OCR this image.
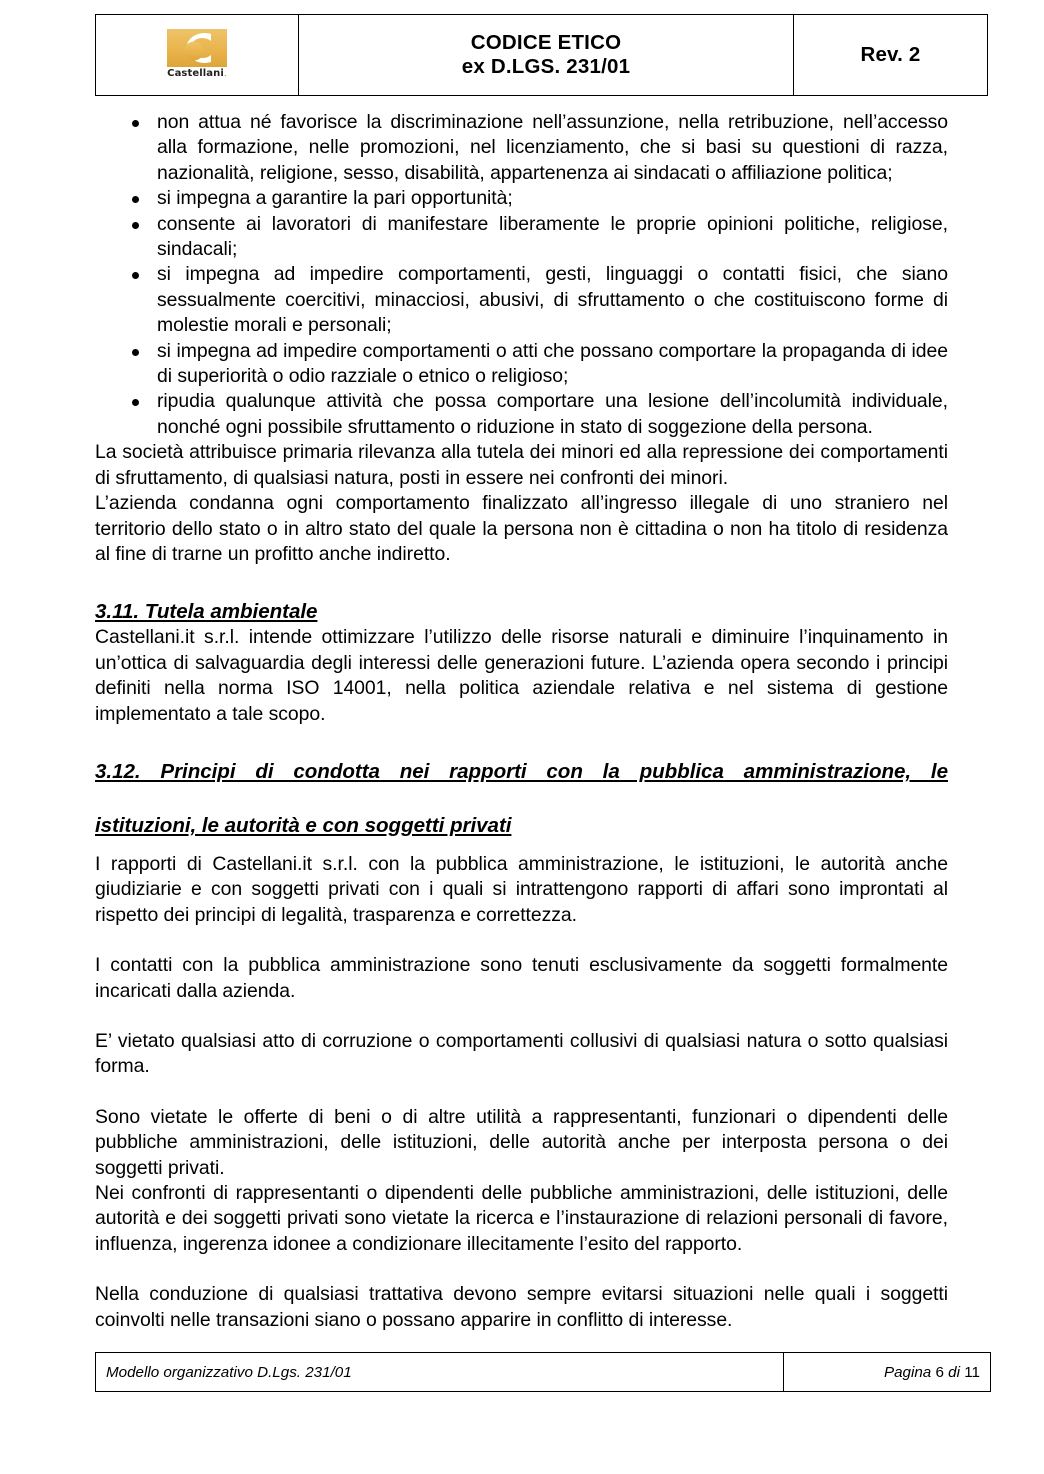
Castellani.

CODICE ETICO
ex D.LGS. 231/01
	Rev. 2
non attua né favorisce la discriminazione nell’assunzione, nella retribuzione, nell’accesso alla formazione, nelle promozioni, nel licenziamento, che si basi su questioni di razza, nazionalità, religione, sesso, disabilità, appartenenza ai sindacati o affiliazione politica;
si impegna a garantire la pari opportunità;
consente ai lavoratori di manifestare liberamente le proprie opinioni politiche, religiose, sindacali;
si impegna ad impedire comportamenti, gesti, linguaggi o contatti fisici, che siano sessualmente coercitivi, minacciosi, abusivi, di sfruttamento o che costituiscono forme di molestie morali e personali;
si impegna ad impedire comportamenti o atti che possano comportare la propaganda di idee di superiorità o odio razziale o etnico o religioso;
ripudia qualunque attività che possa comportare una lesione dell’incolumità individuale, nonché ogni possibile sfruttamento o riduzione in stato di soggezione della persona.

La società attribuisce primaria rilevanza alla tutela dei minori ed alla repressione dei comportamenti di sfruttamento, di qualsiasi natura, posti in essere nei confronti dei minori.

L’azienda condanna ogni comportamento finalizzato all’ingresso illegale di uno straniero nel territorio dello stato o in altro stato del quale la persona non è cittadina o non ha titolo di residenza al fine di trarne un profitto anche indiretto.

3.11. Tutela ambientale

Castellani.it s.r.l. intende ottimizzare l’utilizzo delle risorse naturali e diminuire l’inquinamento in un’ottica di salvaguardia degli interessi delle generazioni future. L’azienda opera secondo i principi definiti nella norma ISO 14001, nella politica aziendale relativa e nel sistema di gestione implementato a tale scopo.

3.12. Principi di condotta nei rapporti con la pubblica amministrazione, le
istituzioni, le autorità e con soggetti privati

I rapporti di Castellani.it s.r.l. con la pubblica amministrazione, le istituzioni, le autorità anche giudiziarie e con soggetti privati con i quali si intrattengono rapporti di affari sono improntati al rispetto dei principi di legalità, trasparenza e correttezza.

I contatti con la pubblica amministrazione sono tenuti esclusivamente da soggetti formalmente incaricati dalla azienda.

E’ vietato qualsiasi atto di corruzione o comportamenti collusivi di qualsiasi natura o sotto qualsiasi forma.

Sono vietate le offerte di beni o di altre utilità a rappresentanti, funzionari o dipendenti delle pubbliche amministrazioni, delle istituzioni, delle autorità anche per interposta persona o dei soggetti privati.

Nei confronti di rappresentanti o dipendenti delle pubbliche amministrazioni, delle istituzioni, delle autorità e dei soggetti privati sono vietate la ricerca e l’instaurazione di relazioni personali di favore, influenza, ingerenza idonee a condizionare illecitamente l’esito del rapporto.

Nella conduzione di qualsiasi trattativa devono sempre evitarsi situazioni nelle quali i soggetti coinvolti nelle transazioni siano o possano apparire in conflitto di interesse.

Modello organizzativo D.Lgs. 231/01	Pagina 6 di 11
